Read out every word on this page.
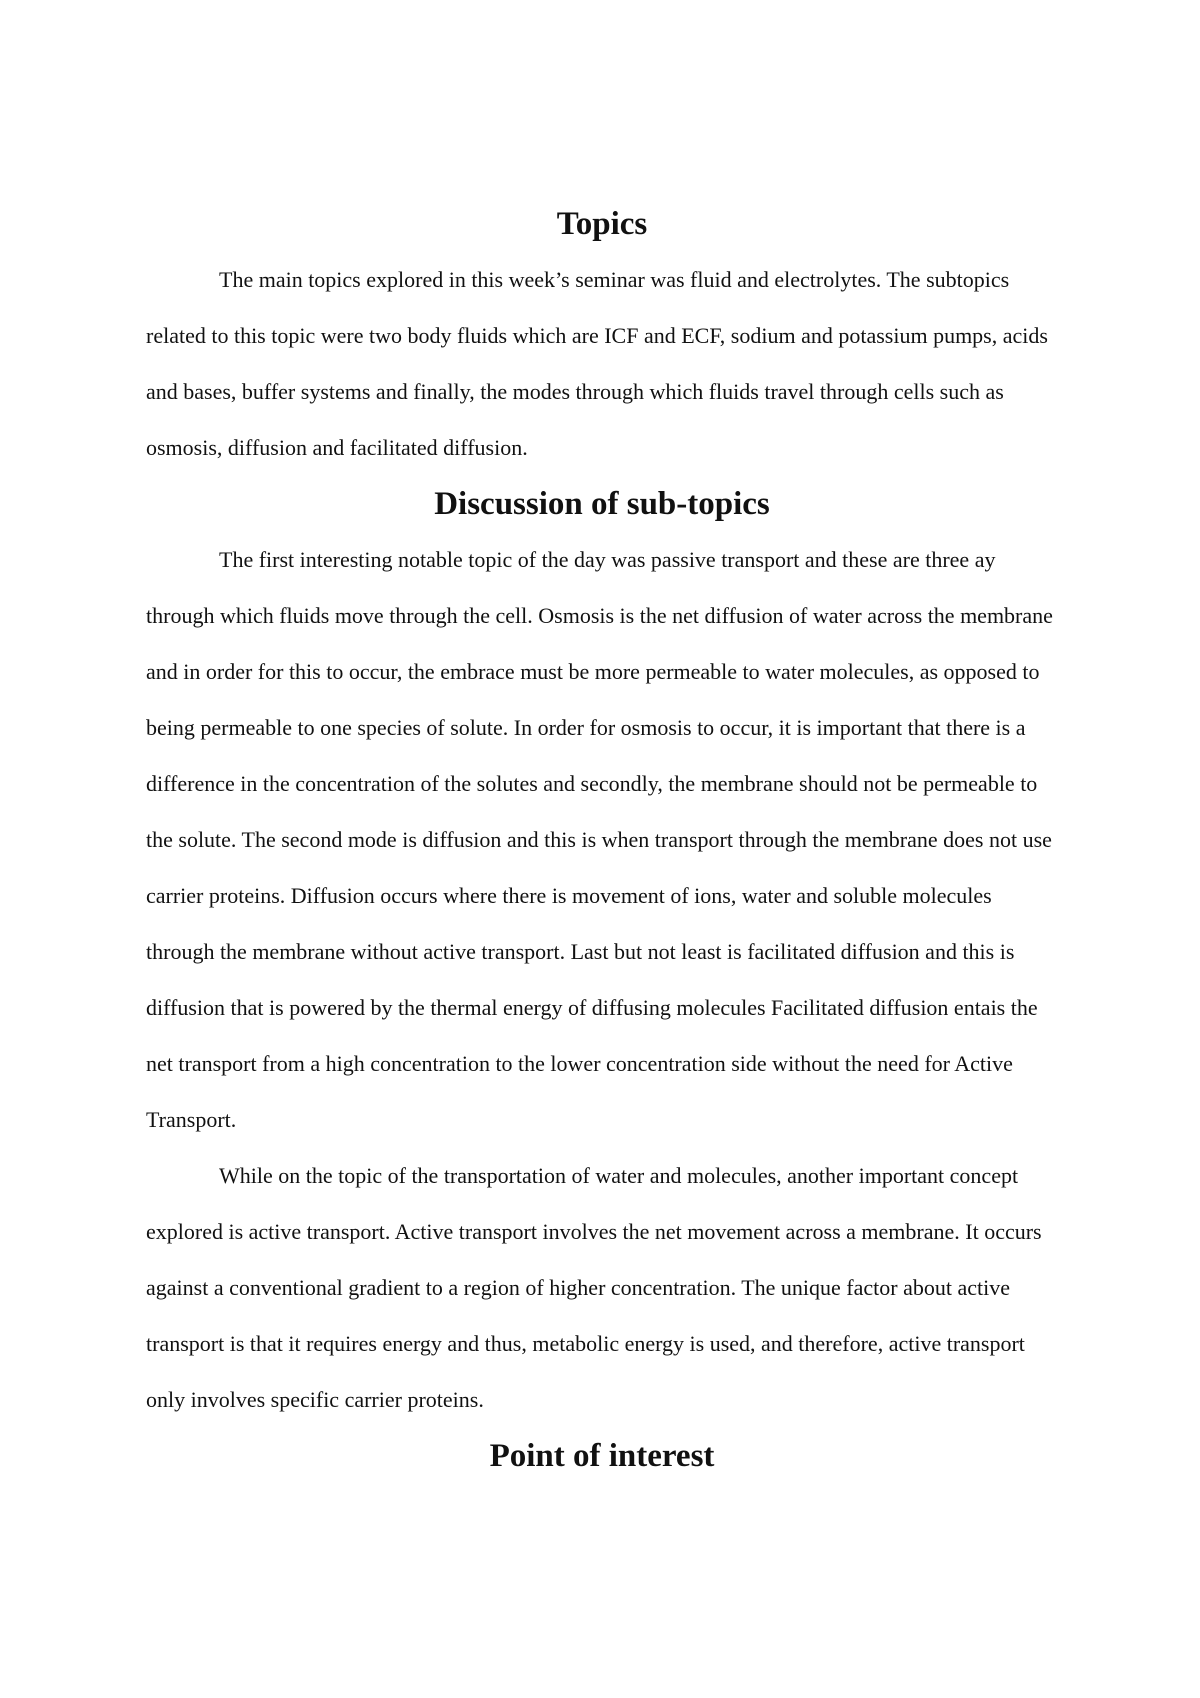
Topics

The main topics explored in this week’s seminar was fluid and electrolytes. The subtopics related to this topic were two body fluids which are ICF and ECF, sodium and potassium pumps, acids and bases, buffer systems and finally, the modes through which fluids travel through cells such as osmosis, diffusion and facilitated diffusion.

Discussion of sub-topics

The first interesting notable topic of the day was passive transport and these are three ay through which fluids move through the cell. Osmosis is the net diffusion of water across the membrane and in order for this to occur, the embrace must be more permeable to water molecules, as opposed to being permeable to one species of solute. In order for osmosis to occur, it is important that there is a difference in the concentration of the solutes and secondly, the membrane should not be permeable to the solute. The second mode is diffusion and this is when transport through the membrane does not use carrier proteins. Diffusion occurs where there is movement of ions, water and soluble molecules through the membrane without active transport. Last but not least is facilitated diffusion and this is diffusion that is powered by the thermal energy of diffusing molecules Facilitated diffusion entais the net transport from a high concentration to the lower concentration side without the need for Active Transport.

While on the topic of the transportation of water and molecules, another important concept explored is active transport. Active transport involves the net movement across a membrane. It occurs against a conventional gradient to a region of higher concentration. The unique factor about active transport is that it requires energy and thus, metabolic energy is used, and therefore, active transport only involves specific carrier proteins.

Point of interest
